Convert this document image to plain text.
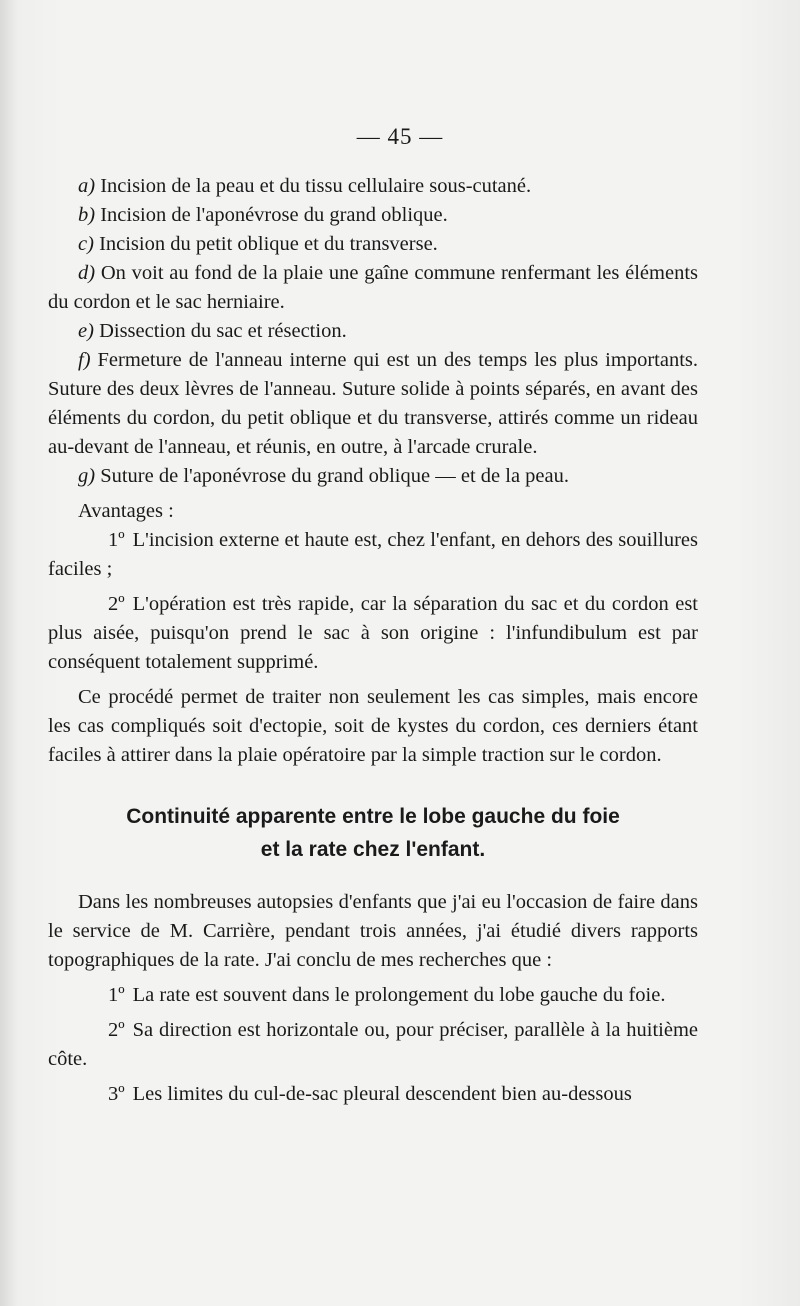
— 45 —

a) Incision de la peau et du tissu cellulaire sous-cutané.

b) Incision de l'aponévrose du grand oblique.

c) Incision du petit oblique et du transverse.

d) On voit au fond de la plaie une gaîne commune renfermant les éléments du cordon et le sac herniaire.

e) Dissection du sac et résection.

f) Fermeture de l'anneau interne qui est un des temps les plus importants. Suture des deux lèvres de l'anneau. Suture solide à points séparés, en avant des éléments du cordon, du petit oblique et du transverse, attirés comme un rideau au-devant de l'anneau, et réunis, en outre, à l'arcade crurale.

g) Suture de l'aponévrose du grand oblique — et de la peau.

Avantages :

1º L'incision externe et haute est, chez l'enfant, en dehors des souillures faciles ;

2º L'opération est très rapide, car la séparation du sac et du cordon est plus aisée, puisqu'on prend le sac à son origine : l'infundibulum est par conséquent totalement supprimé.

Ce procédé permet de traiter non seulement les cas simples, mais encore les cas compliqués soit d'ectopie, soit de kystes du cordon, ces derniers étant faciles à attirer dans la plaie opératoire par la simple traction sur le cordon.

Continuité apparente entre le lobe gauche du foie
et la rate chez l'enfant.

Dans les nombreuses autopsies d'enfants que j'ai eu l'occasion de faire dans le service de M. Carrière, pendant trois années, j'ai étudié divers rapports topographiques de la rate. J'ai conclu de mes recherches que :

1º La rate est souvent dans le prolongement du lobe gauche du foie.

2º Sa direction est horizontale ou, pour préciser, parallèle à la huitième côte.

3º Les limites du cul-de-sac pleural descendent bien au-dessous
